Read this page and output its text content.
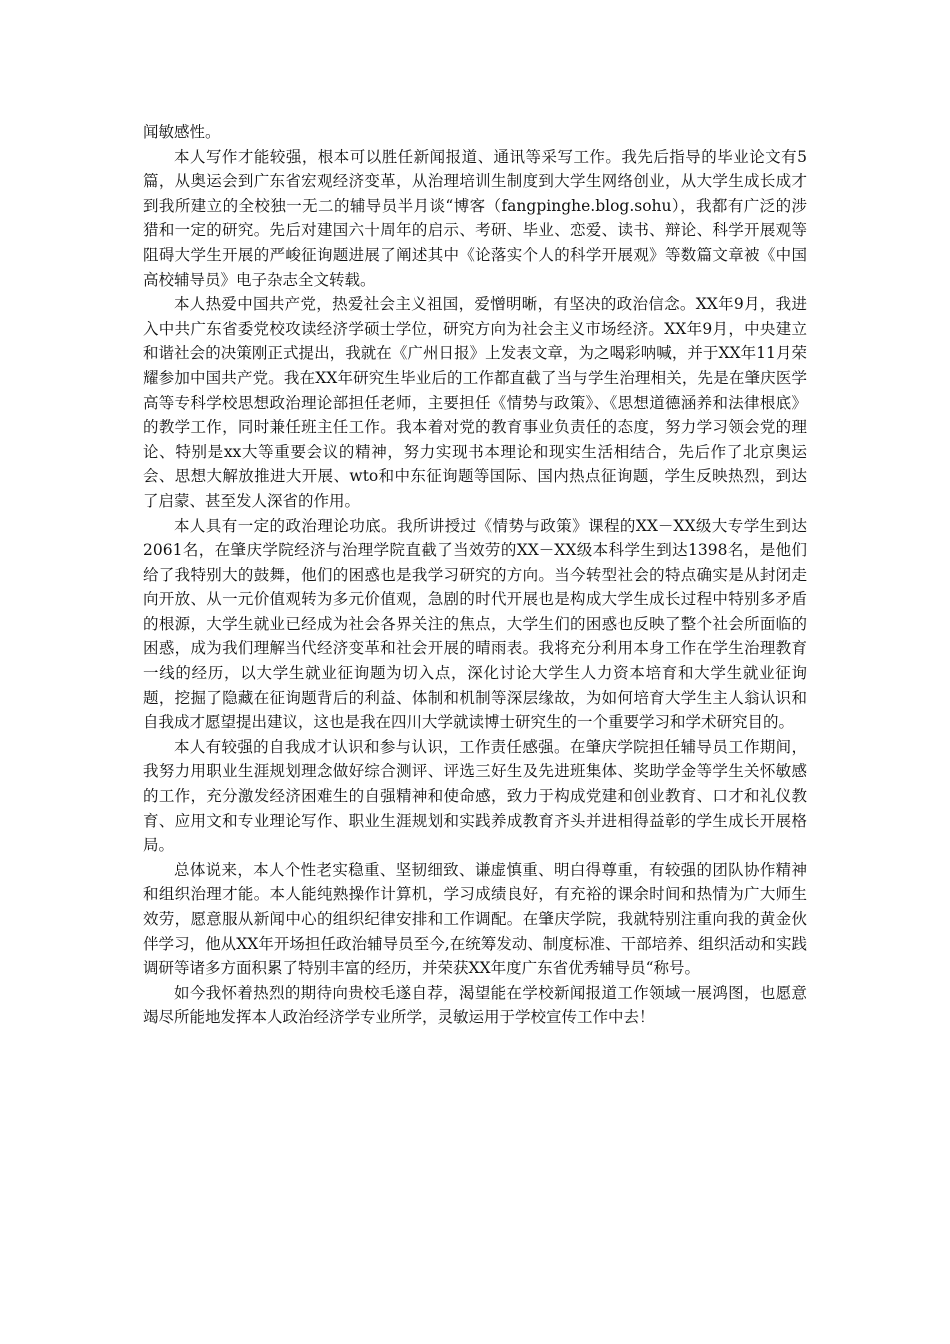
闻敏感性。

本人写作才能较强，根本可以胜任新闻报道、通讯等采写工作。我先后指导的毕业论文有5篇，从奥运会到广东省宏观经济变革，从治理培训生制度到大学生网络创业，从大学生成长成才到我所建立的全校独一无二的辅导员半月谈“博客（fangpinghe.blog.sohu），我都有广泛的涉猎和一定的研究。先后对建国六十周年的启示、考研、毕业、恋爱、读书、辩论、科学开展观等阻碍大学生开展的严峻征询题进展了阐述其中《论落实个人的科学开展观》等数篇文章被《中国高校辅导员》电子杂志全文转载。

本人热爱中国共产党，热爱社会主义祖国，爱憎明晰，有坚决的政治信念。XX年9月，我进入中共广东省委党校攻读经济学硕士学位，研究方向为社会主义市场经济。XX年9月，中央建立和谐社会的决策刚正式提出，我就在《广州日报》上发表文章，为之喝彩呐喊，并于XX年11月荣耀参加中国共产党。我在XX年研究生毕业后的工作都直截了当与学生治理相关，先是在肇庆医学高等专科学校思想政治理论部担任老师，主要担任《情势与政策》、《思想道德涵养和法律根底》的教学工作，同时兼任班主任工作。我本着对党的教育事业负责任的态度，努力学习领会党的理论、特别是xx大等重要会议的精神，努力实现书本理论和现实生活相结合，先后作了北京奥运会、思想大解放推进大开展、wto和中东征询题等国际、国内热点征询题，学生反映热烈，到达了启蒙、甚至发人深省的作用。

本人具有一定的政治理论功底。我所讲授过《情势与政策》课程的XX－XX级大专学生到达2061名，在肇庆学院经济与治理学院直截了当效劳的XX－XX级本科学生到达1398名，是他们给了我特别大的鼓舞，他们的困惑也是我学习研究的方向。当今转型社会的特点确实是从封闭走向开放、从一元价值观转为多元价值观，急剧的时代开展也是构成大学生成长过程中特别多矛盾的根源，大学生就业已经成为社会各界关注的焦点，大学生们的困惑也反映了整个社会所面临的困惑，成为我们理解当代经济变革和社会开展的晴雨表。我将充分利用本身工作在学生治理教育一线的经历，以大学生就业征询题为切入点，深化讨论大学生人力资本培育和大学生就业征询题，挖掘了隐藏在征询题背后的利益、体制和机制等深层缘故，为如何培育大学生主人翁认识和自我成才愿望提出建议，这也是我在四川大学就读博士研究生的一个重要学习和学术研究目的。

本人有较强的自我成才认识和参与认识，工作责任感强。在肇庆学院担任辅导员工作期间，我努力用职业生涯规划理念做好综合测评、评选三好生及先进班集体、奖助学金等学生关怀敏感的工作，充分激发经济困难生的自强精神和使命感，致力于构成党建和创业教育、口才和礼仪教育、应用文和专业理论写作、职业生涯规划和实践养成教育齐头并进相得益彰的学生成长开展格局。

总体说来，本人个性老实稳重、坚韧细致、谦虚慎重、明白得尊重，有较强的团队协作精神和组织治理才能。本人能纯熟操作计算机，学习成绩良好，有充裕的课余时间和热情为广大师生效劳，愿意服从新闻中心的组织纪律安排和工作调配。在肇庆学院，我就特别注重向我的黄金伙伴学习，他从XX年开场担任政治辅导员至今,在统筹发动、制度标准、干部培养、组织活动和实践调研等诸多方面积累了特别丰富的经历，并荣获XX年度广东省优秀辅导员“称号。

如今我怀着热烈的期待向贵校毛遂自荐，渴望能在学校新闻报道工作领域一展鸿图，也愿意竭尽所能地发挥本人政治经济学专业所学，灵敏运用于学校宣传工作中去！
